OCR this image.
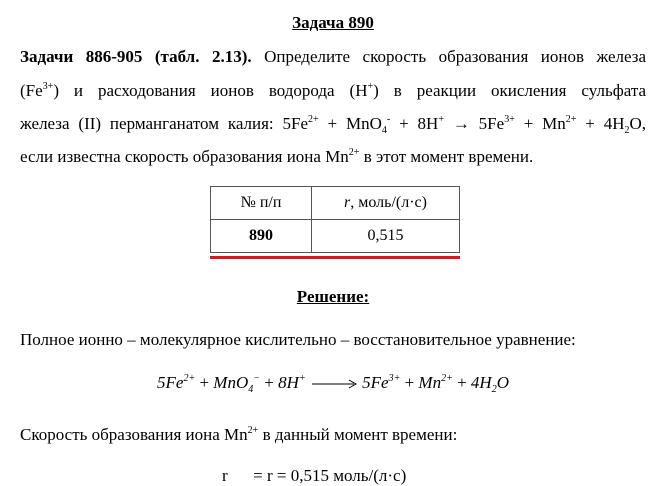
Задача 890
Задачи 886-905 (табл. 2.13). Определите скорость образования ионов железа
$(Fe^{3+})$ и расходования ионов водорода (H+) в реакции окисления сульфата
железа (II) перманганатом калия: $5Fe^{2+} + MnO_4^- + 8H^+ \to 5Fe^{3+} + Mn^{2+} + 4H_2O$,
если известна скорость образования иона $Mn^{2+}$ в этот момент времени.
№ п/п	r, моль/(л·с)
890	0,515
Решение:
Полное ионно – молекулярное кислительно – восстановительное уравнение:
$5Fe^{2+} + MnO_4^- + 8H^+ \to 5Fe^{3+} + Mn^{2+} + 4H_2O$
Скорость образования иона $Mn^{2+}$ в данный момент времени:
r      = r = 0,515 моль/(л·с)
